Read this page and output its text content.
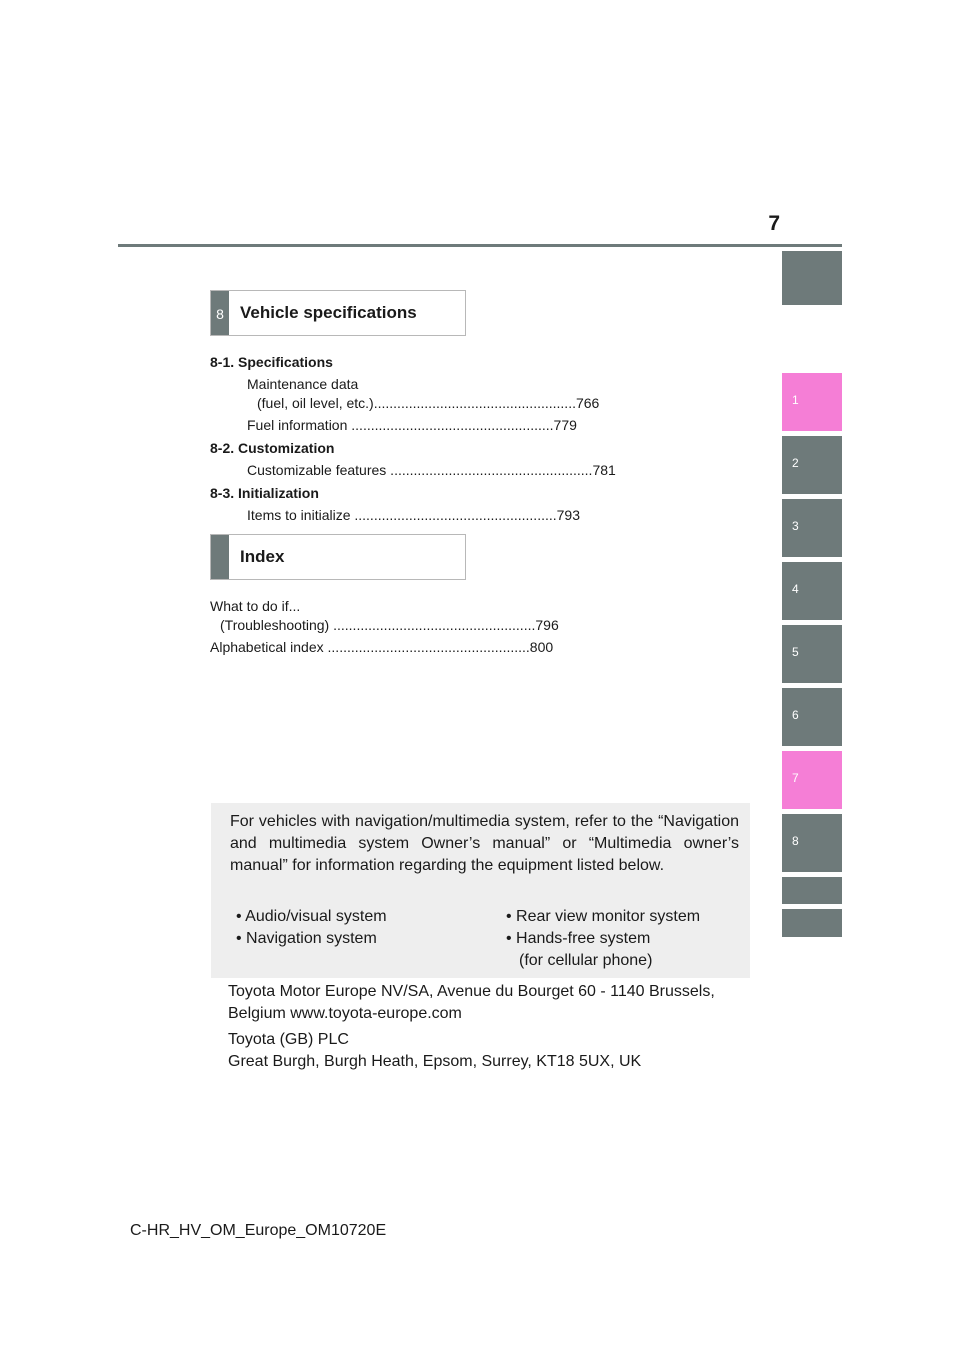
7
1
2
3
4
5
6
7
8
8 Vehicle specifications
8-1. Specifications
Maintenance data
(fuel, oil level, etc.) .................................................... 766
Fuel information .................................................... 779
8-2. Customization
Customizable features .................................................... 781
8-3. Initialization
Items to initialize .................................................... 793
Index
What to do if...
(Troubleshooting) .................................................... 796
Alphabetical index .................................................... 800
For vehicles with navigation/multimedia system, refer to the “Navigation and multimedia system Owner’s manual” or “Multimedia owner’s manual” for information regarding the equipment listed below.
• Audio/visual system
• Navigation system
• Rear view monitor system
• Hands-free system
(for cellular phone)
Toyota Motor Europe NV/SA, Avenue du Bourget 60 - 1140 Brussels,
Belgium www.toyota-europe.com
Toyota (GB) PLC
Great Burgh, Burgh Heath, Epsom, Surrey, KT18 5UX, UK
C-HR_HV_OM_Europe_OM10720E
